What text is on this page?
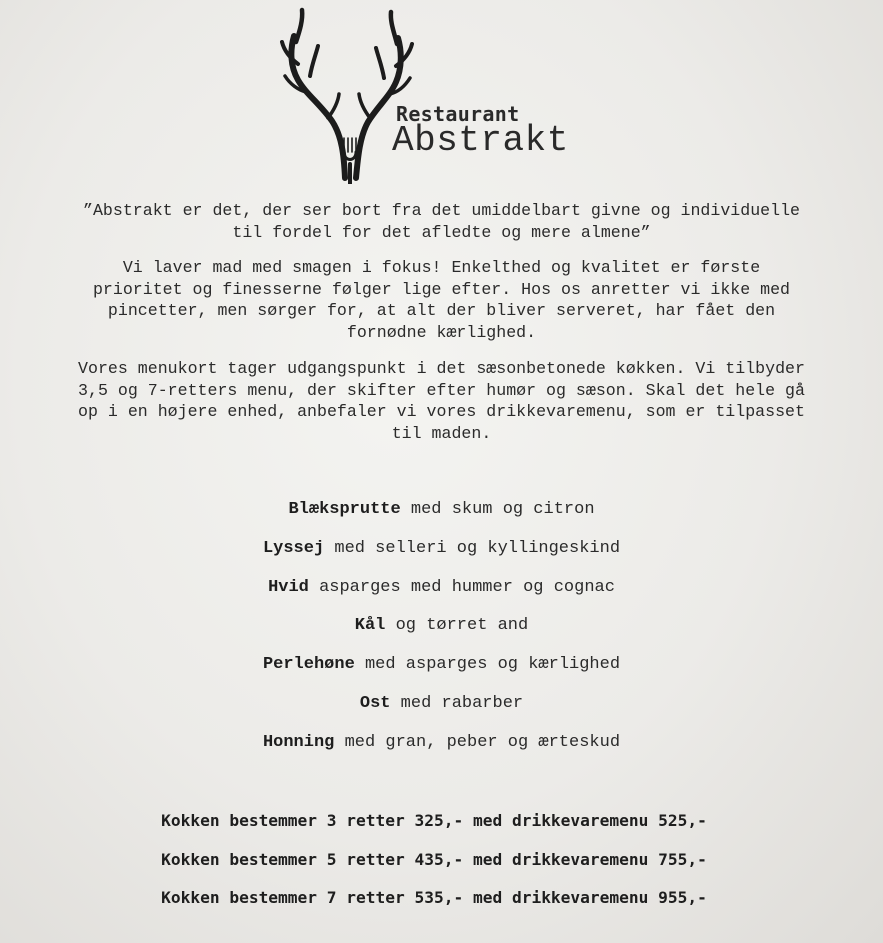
Restaurant
Abstrakt

”Abstrakt er det, der ser bort fra det umiddelbart givne og individuelle
til fordel for det afledte og mere almene”

Vi laver mad med smagen i fokus! Enkelthed og kvalitet er første
prioritet og finesserne følger lige efter. Hos os anretter vi ikke med
pincetter, men sørger for, at alt der bliver serveret, har fået den
fornødne kærlighed.

Vores menukort tager udgangspunkt i det sæsonbetonede køkken. Vi tilbyder
3,5 og 7-retters menu, der skifter efter humør og sæson. Skal det hele gå
op i en højere enhed, anbefaler vi vores drikkevaremenu, som er tilpasset
til maden.

Blæksprutte med skum og citron
Lyssej med selleri og kyllingeskind
Hvid asparges med hummer og cognac
Kål og tørret and
Perlehøne med asparges og kærlighed
Ost med rabarber
Honning med gran, peber og ærteskud
Kokken bestemmer 3 retter 325,- med drikkevaremenu 525,-
Kokken bestemmer 5 retter 435,- med drikkevaremenu 755,-
Kokken bestemmer 7 retter 535,- med drikkevaremenu 955,-
